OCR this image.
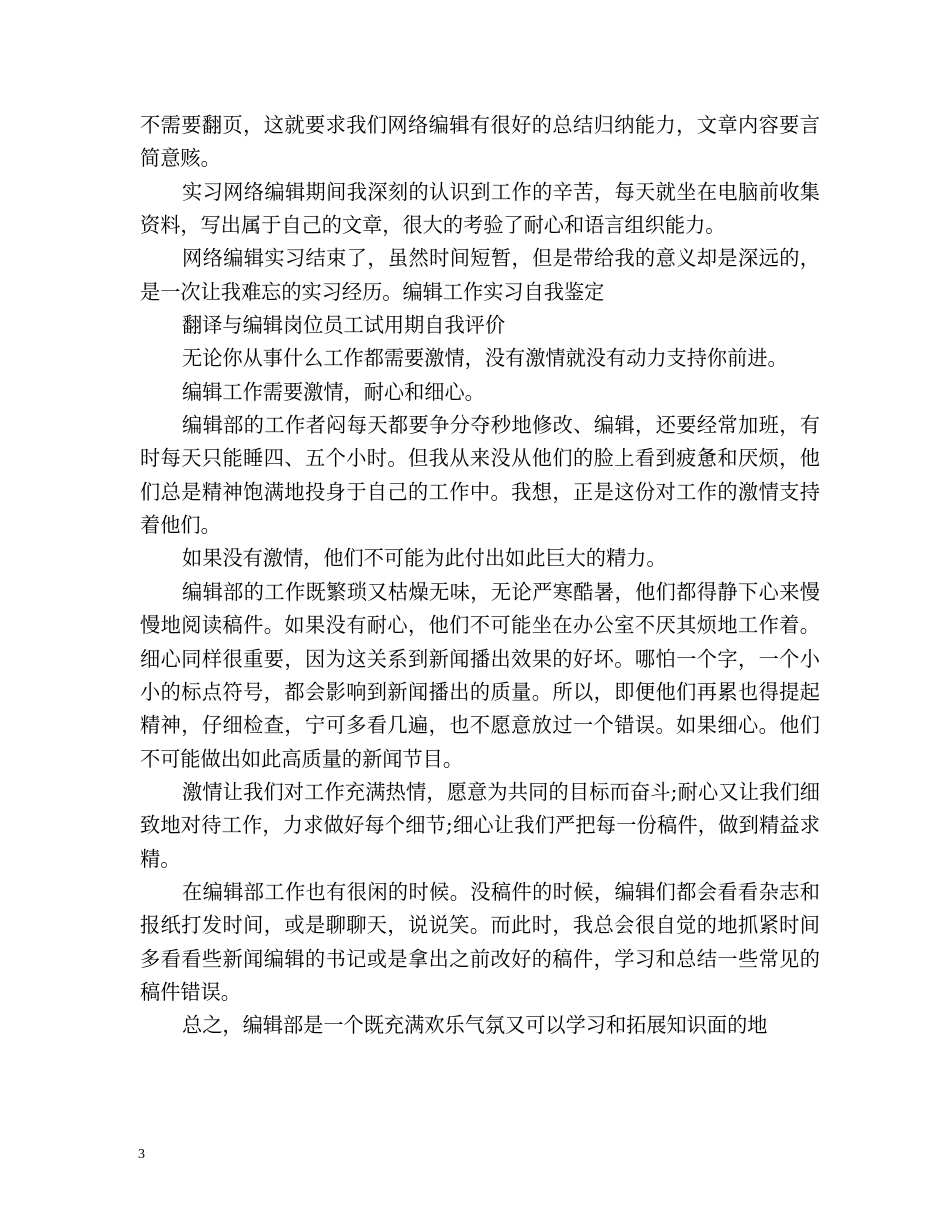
不需要翻页，这就要求我们网络编辑有很好的总结归纳能力，文章内容要言简意赅。

实习网络编辑期间我深刻的认识到工作的辛苦，每天就坐在电脑前收集资料，写出属于自己的文章，很大的考验了耐心和语言组织能力。

网络编辑实习结束了，虽然时间短暂，但是带给我的意义却是深远的，是一次让我难忘的实习经历。编辑工作实习自我鉴定

翻译与编辑岗位员工试用期自我评价

无论你从事什么工作都需要激情，没有激情就没有动力支持你前进。

编辑工作需要激情，耐心和细心。

编辑部的工作者闷每天都要争分夺秒地修改、编辑，还要经常加班，有时每天只能睡四、五个小时。但我从来没从他们的脸上看到疲惫和厌烦，他们总是精神饱满地投身于自己的工作中。我想，正是这份对工作的激情支持着他们。

如果没有激情，他们不可能为此付出如此巨大的精力。

编辑部的工作既繁琐又枯燥无味，无论严寒酷暑，他们都得静下心来慢慢地阅读稿件。如果没有耐心，他们不可能坐在办公室不厌其烦地工作着。细心同样很重要，因为这关系到新闻播出效果的好坏。哪怕一个字，一个小小的标点符号，都会影响到新闻播出的质量。所以，即便他们再累也得提起精神，仔细检查，宁可多看几遍，也不愿意放过一个错误。如果细心。他们不可能做出如此高质量的新闻节目。

激情让我们对工作充满热情，愿意为共同的目标而奋斗;耐心又让我们细致地对待工作，力求做好每个细节;细心让我们严把每一份稿件，做到精益求精。

在编辑部工作也有很闲的时候。没稿件的时候，编辑们都会看看杂志和报纸打发时间，或是聊聊天，说说笑。而此时，我总会很自觉的地抓紧时间多看看些新闻编辑的书记或是拿出之前改好的稿件，学习和总结一些常见的稿件错误。

总之，编辑部是一个既充满欢乐气氛又可以学习和拓展知识面的地

3
